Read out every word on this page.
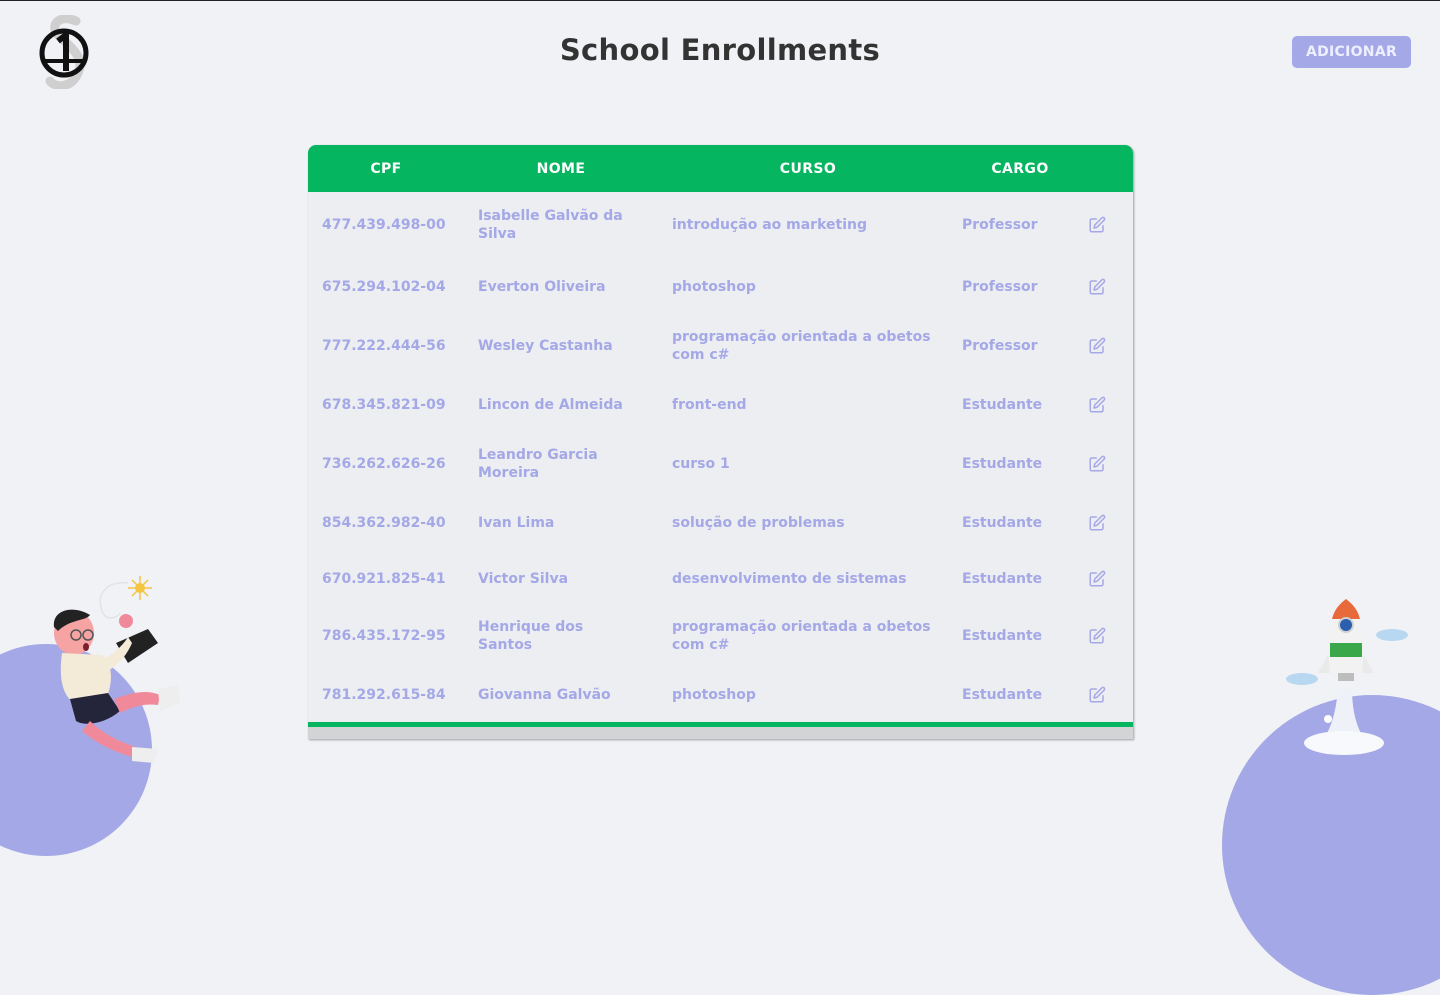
School Enrollments	ADICIONAR
CPF	NOME	CURSO	CARGO	
477.439.498-00	Isabelle Galvão da Silva	introdução ao marketing	Professor	
675.294.102-04	Everton Oliveira	photoshop	Professor	
777.222.444-56	Wesley Castanha	programação orientada a obetos com c#	Professor	
678.345.821-09	Lincon de Almeida	front-end	Estudante	
736.262.626-26	Leandro Garcia Moreira	curso 1	Estudante	
854.362.982-40	Ivan Lima	solução de problemas	Estudante	
670.921.825-41	Victor Silva	desenvolvimento de sistemas	Estudante	
786.435.172-95	Henrique dos Santos	programação orientada a obetos com c#	Estudante	
781.292.615-84	Giovanna Galvão	photoshop	Estudante	
